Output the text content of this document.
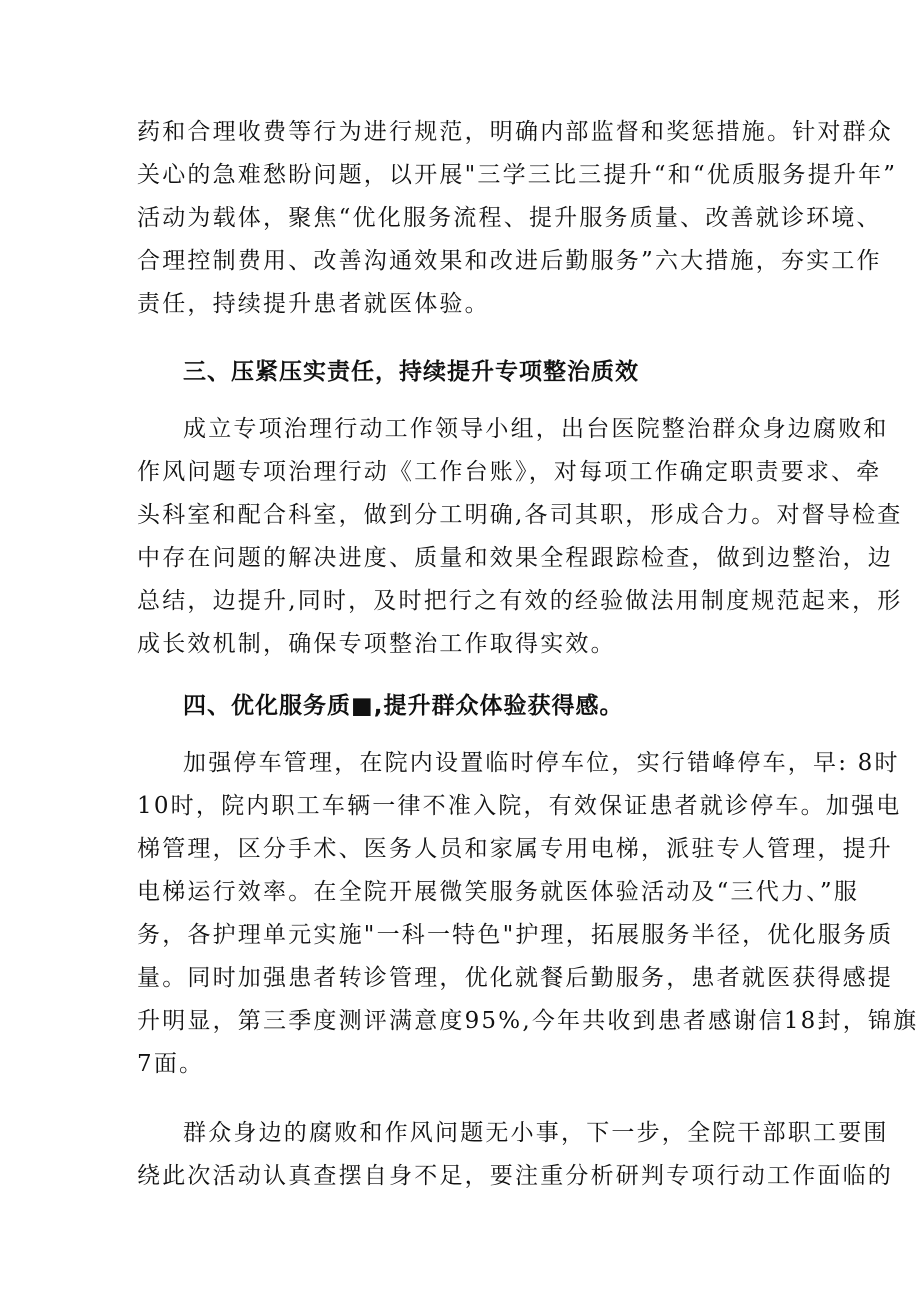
药和合理收费等行为进行规范，明确内部监督和奖惩措施。针对群众
关心的急难愁盼问题，以开展"三学三比三提升“和“优质服务提升年”
活动为载体，聚焦“优化服务流程、提升服务质量、改善就诊环境、
合理控制费用、改善沟通效果和改进后勤服务”六大措施，夯实工作
责任，持续提升患者就医体验。
三、压紧压实责任，持续提升专项整治质效
成立专项治理行动工作领导小组，出台医院整治群众身边腐败和
作风问题专项治理行动《工作台账》，对每项工作确定职责要求、牵
头科室和配合科室，做到分工明确,各司其职，形成合力。对督导检查
中存在问题的解决进度、质量和效果全程跟踪检查，做到边整治，边
总结，边提升,同时，及时把行之有效的经验做法用制度规范起来，形
成长效机制，确保专项整治工作取得实效。
四、优化服务质■,提升群众体验获得感。
加强停车管理，在院内设置临时停车位，实行错峰停车，早: 8时
10时，院内职工车辆一律不准入院，有效保证患者就诊停车。加强电
梯管理，区分手术、医务人员和家属专用电梯，派驻专人管理，提升
电梯运行效率。在全院开展微笑服务就医体验活动及“三代力、”服
务，各护理单元实施"一科一特色"护理，拓展服务半径，优化服务质
量。同时加强患者转诊管理，优化就餐后勤服务，患者就医获得感提
升明显，第三季度测评满意度95%,今年共收到患者感谢信18封，锦旗
7面。
群众身边的腐败和作风问题无小事，下一步，全院干部职工要围
绕此次活动认真查摆自身不足，要注重分析研判专项行动工作面临的
